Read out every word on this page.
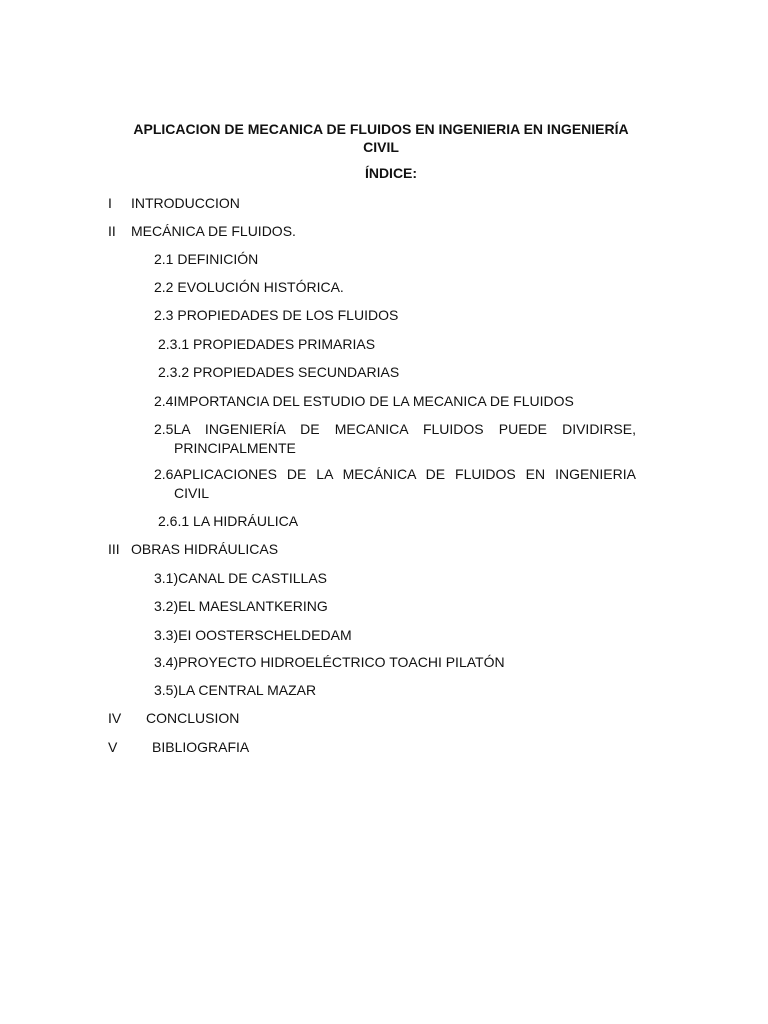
APLICACION DE MECANICA DE FLUIDOS EN INGENIERIA EN INGENIERÍA CIVIL
ÍNDICE:
I INTRODUCCION
II MECÁNICA DE FLUIDOS.
2.1 DEFINICIÓN
2.2 EVOLUCIÓN HISTÓRICA.
2.3 PROPIEDADES DE LOS FLUIDOS
2.3.1 PROPIEDADES PRIMARIAS
2.3.2 PROPIEDADES SECUNDARIAS
2.4IMPORTANCIA DEL ESTUDIO DE LA MECANICA DE FLUIDOS
2.5LA INGENIERÍA DE MECANICA FLUIDOS PUEDE DIVIDIRSE,
PRINCIPALMENTE
2.6APLICACIONES DE LA MECÁNICA DE FLUIDOS EN INGENIERIA
CIVIL
2.6.1 LA HIDRÁULICA
III OBRAS HIDRÁULICAS
3.1)CANAL DE CASTILLAS
3.2)EL MAESLANTKERING
3.3)EI OOSTERSCHELDEDAM
3.4)PROYECTO HIDROELÉCTRICO TOACHI PILATÓN
3.5)LA CENTRAL MAZAR
IV CONCLUSION
V BIBLIOGRAFIA
